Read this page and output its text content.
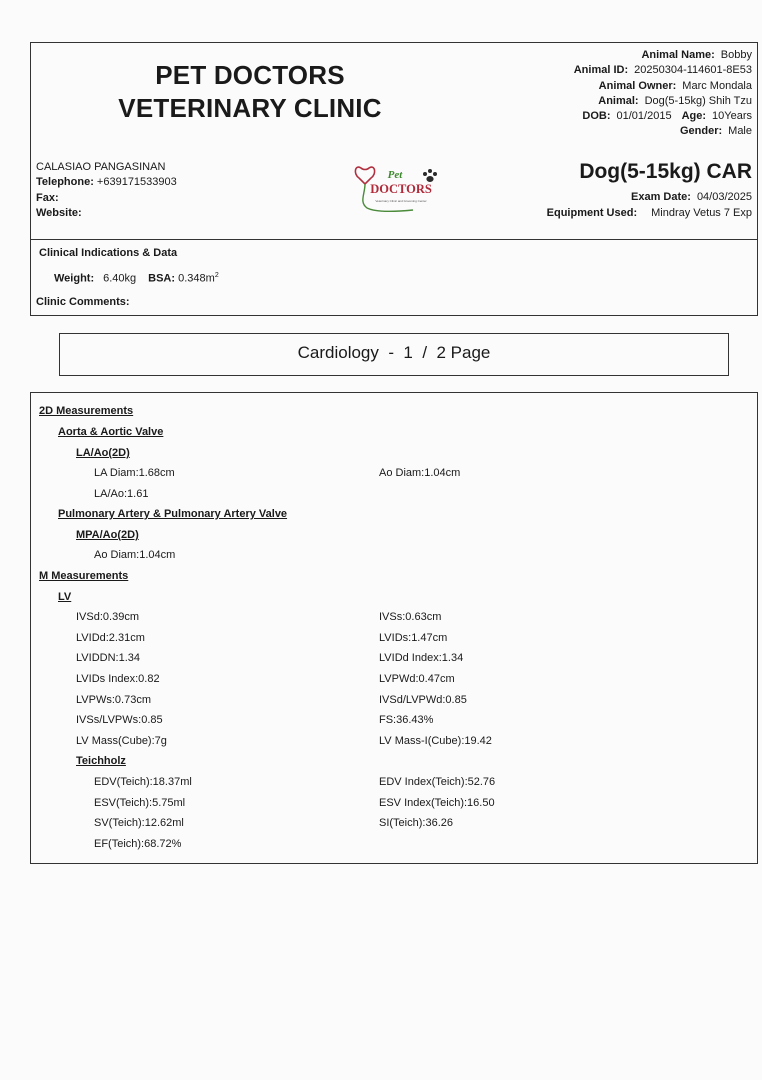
PET DOCTORS
VETERINARY CLINIC
Animal Name: Bobby
Animal ID: 20250304-114601-8E53
Animal Owner: Marc Mondala
Animal: Dog(5-15kg) Shih Tzu
DOB: 01/01/2015 Age: 10Years
Gender: Male
CALASIAO PANGASINAN
Telephone: +639171533903
Fax:
Website:
Pet
DOCTORS
Veterinary Clinic and Grooming Center
Dog(5-15kg) CAR
Exam Date: 04/03/2025
Equipment Used: Mindray Vetus 7 Exp
Clinical Indications & Data
Weight: 6.40kg BSA: $0.348m^2$
Clinic Comments:
Cardiology  -  1  /  2 Page
2D Measurements
Aorta & Aortic Valve
LA/Ao(2D)
LA Diam:1.68cm	Ao Diam:1.04cm
LA/Ao:1.61
Pulmonary Artery & Pulmonary Artery Valve
MPA/Ao(2D)
Ao Diam:1.04cm
M Measurements
LV
IVSd:0.39cm
LVIDd:2.31cm
LVIDDN:1.34
LVIDs Index:0.82
LVPWs:0.73cm
IVSs/LVPWs:0.85
LV Mass(Cube):7g
IVSs:0.63cm
LVIDs:1.47cm
LVIDd Index:1.34
LVPWd:0.47cm
IVSd/LVPWd:0.85
FS:36.43%
LV Mass-I(Cube):19.42
Teichholz
EDV(Teich):18.37ml
ESV(Teich):5.75ml
SV(Teich):12.62ml
EF(Teich):68.72%
EDV Index(Teich):52.76
ESV Index(Teich):16.50
SI(Teich):36.26
